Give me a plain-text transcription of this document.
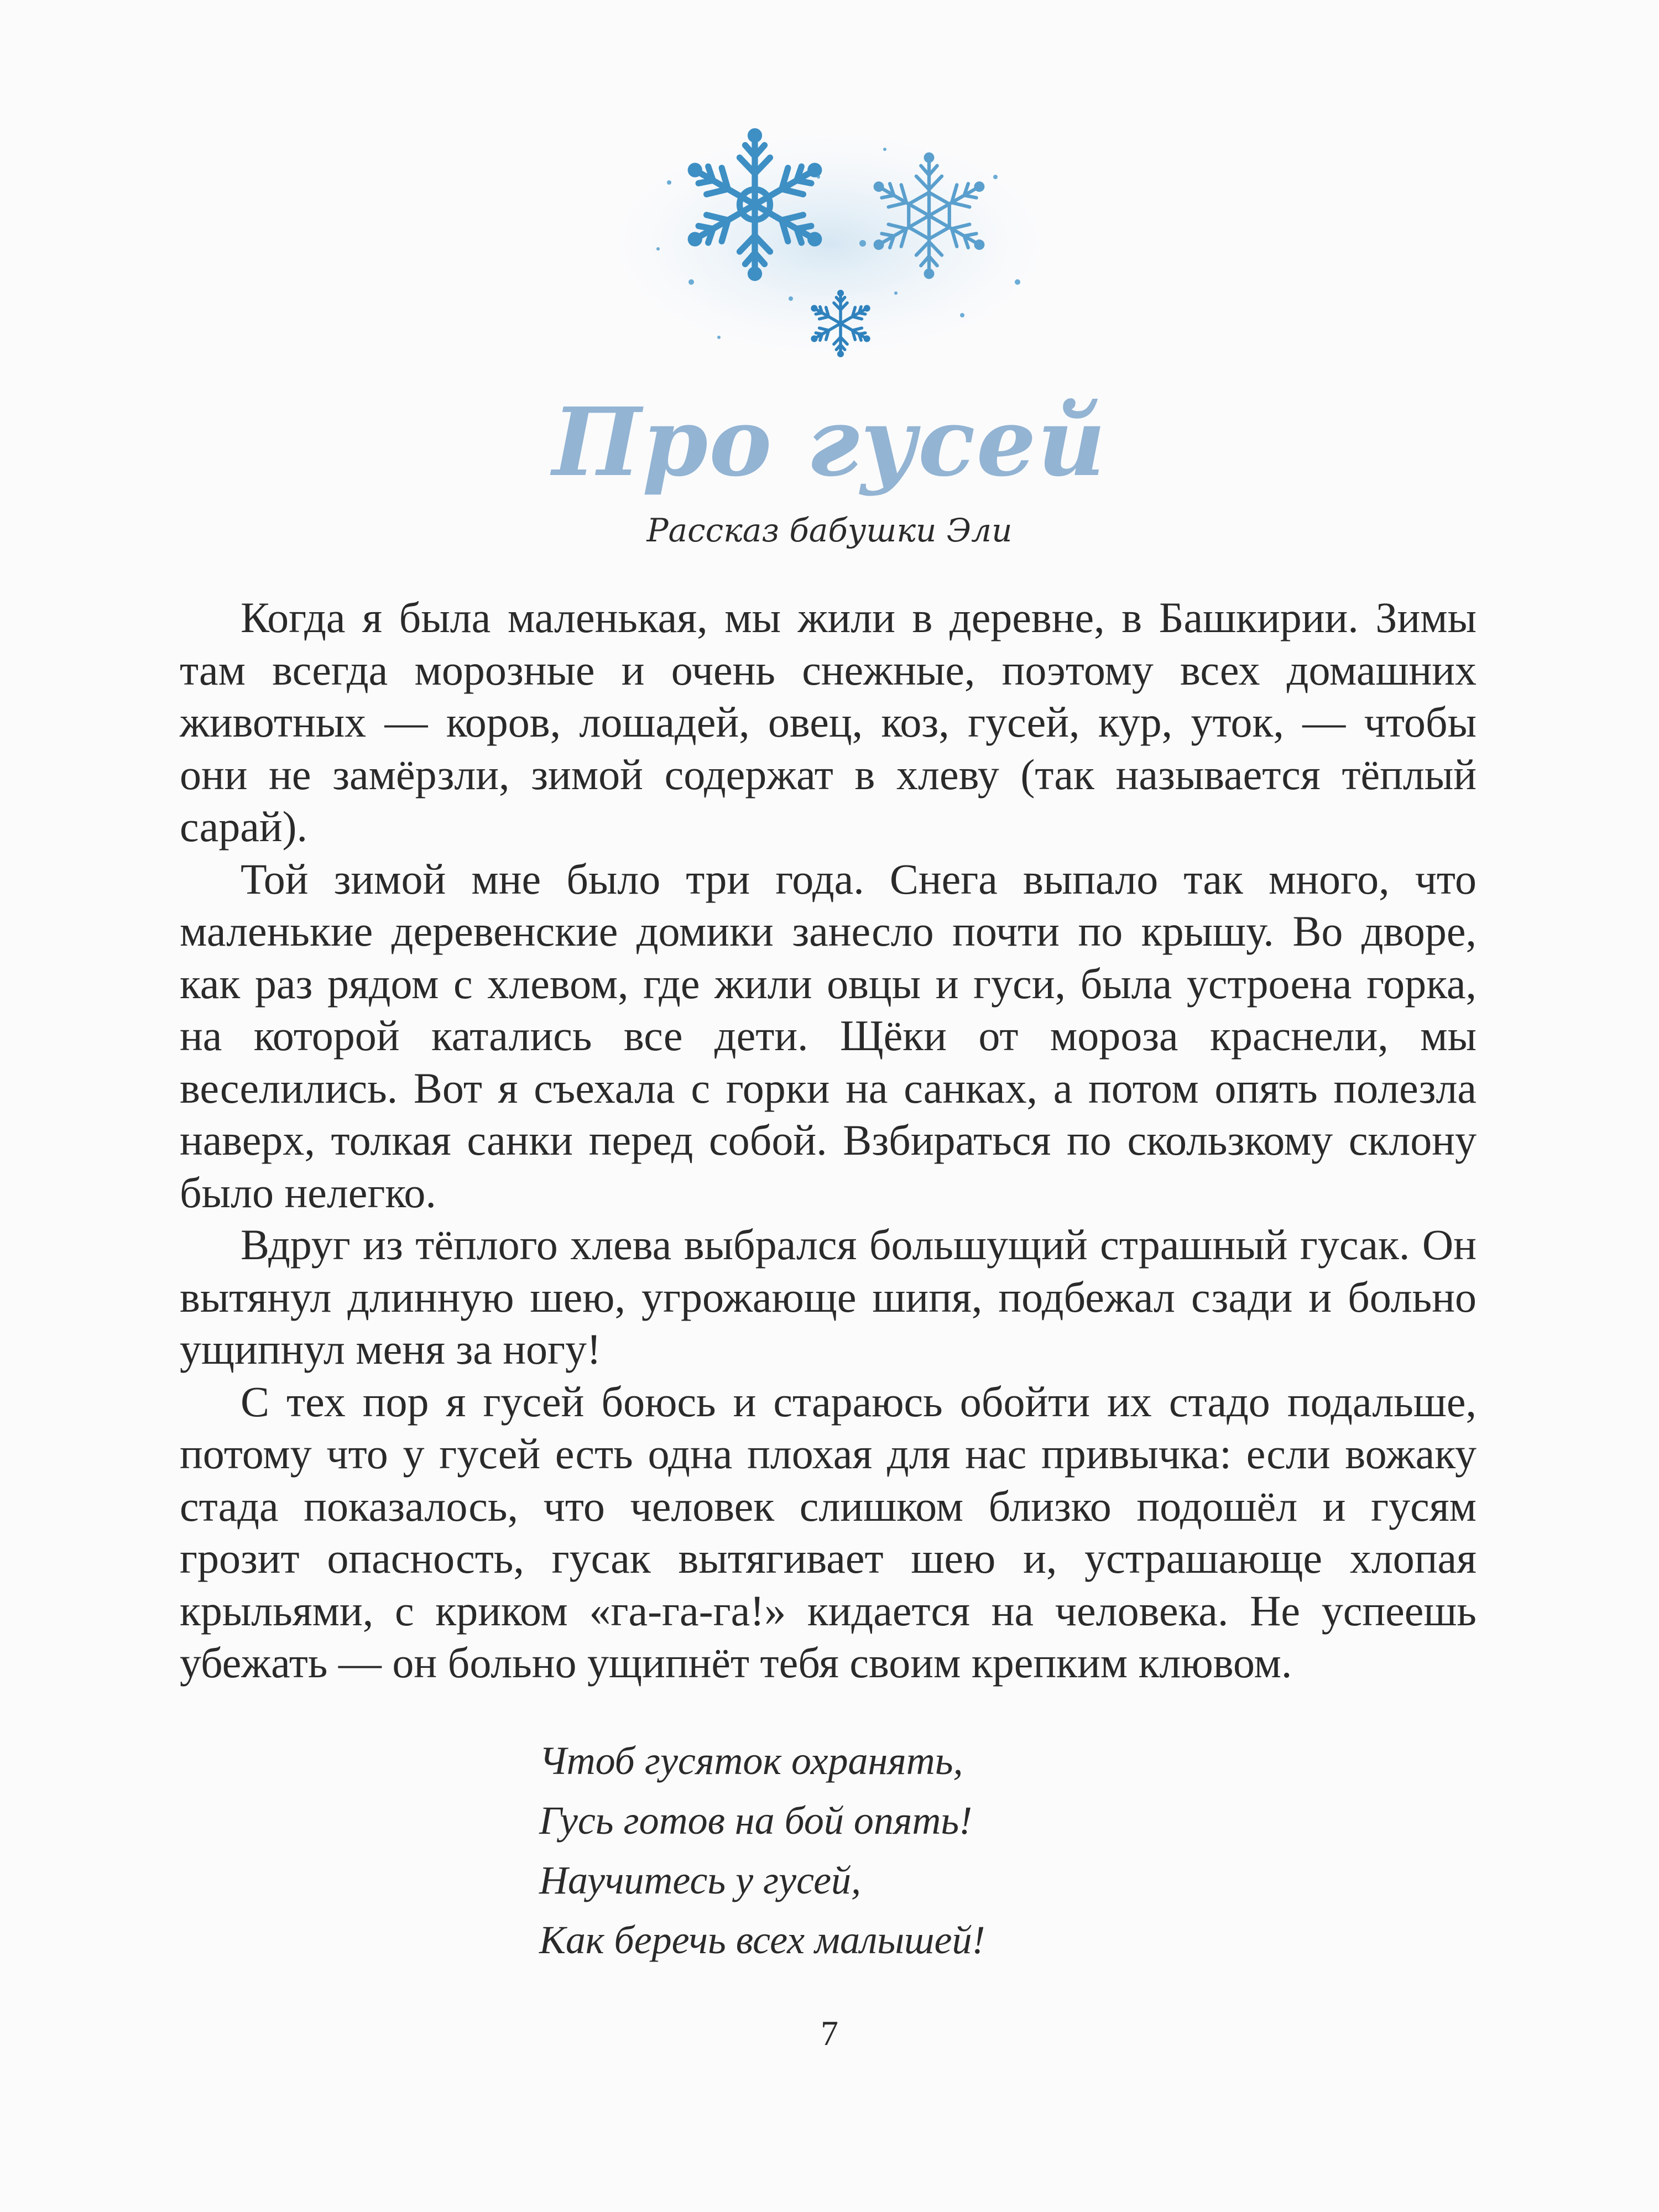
Про гусей
Рассказ бабушки Эли

Когда я была маленькая, мы жили в деревне, в Башкирии. Зимы там всегда морозные и очень снежные, поэтому всех домашних животных — коров, лошадей, овец, коз, гусей, кур, уток, — чтобы они не замёрзли, зимой содержат в хлеву (так называется тёплый сарай).

Той зимой мне было три года. Снега выпало так много, что маленькие деревенские домики занесло почти по крышу. Во дворе, как раз рядом с хлевом, где жили овцы и гуси, была устроена горка, на которой катались все дети. Щёки от мороза краснели, мы веселились. Вот я съехала с горки на санках, а потом опять полезла наверх, толкая санки перед собой. Взбираться по скользкому склону было нелегко.

Вдруг из тёплого хлева выбрался большущий страшный гусак. Он вытянул длинную шею, угрожающе шипя, подбежал сзади и больно ущипнул меня за ногу!

С тех пор я гусей боюсь и стараюсь обойти их стадо подальше, потому что у гусей есть одна плохая для нас привычка: если вожаку стада показалось, что человек слишком близко подошёл и гусям грозит опасность, гусак вытягивает шею и, устрашающе хлопая крыльями, с криком «га-га-га!» кидается на человека. Не успеешь убежать — он больно ущипнёт тебя своим крепким клювом.

Чтоб гусяток охранять,
Гусь готов на бой опять!
Научитесь у гусей,
Как беречь всех малышей!
7
